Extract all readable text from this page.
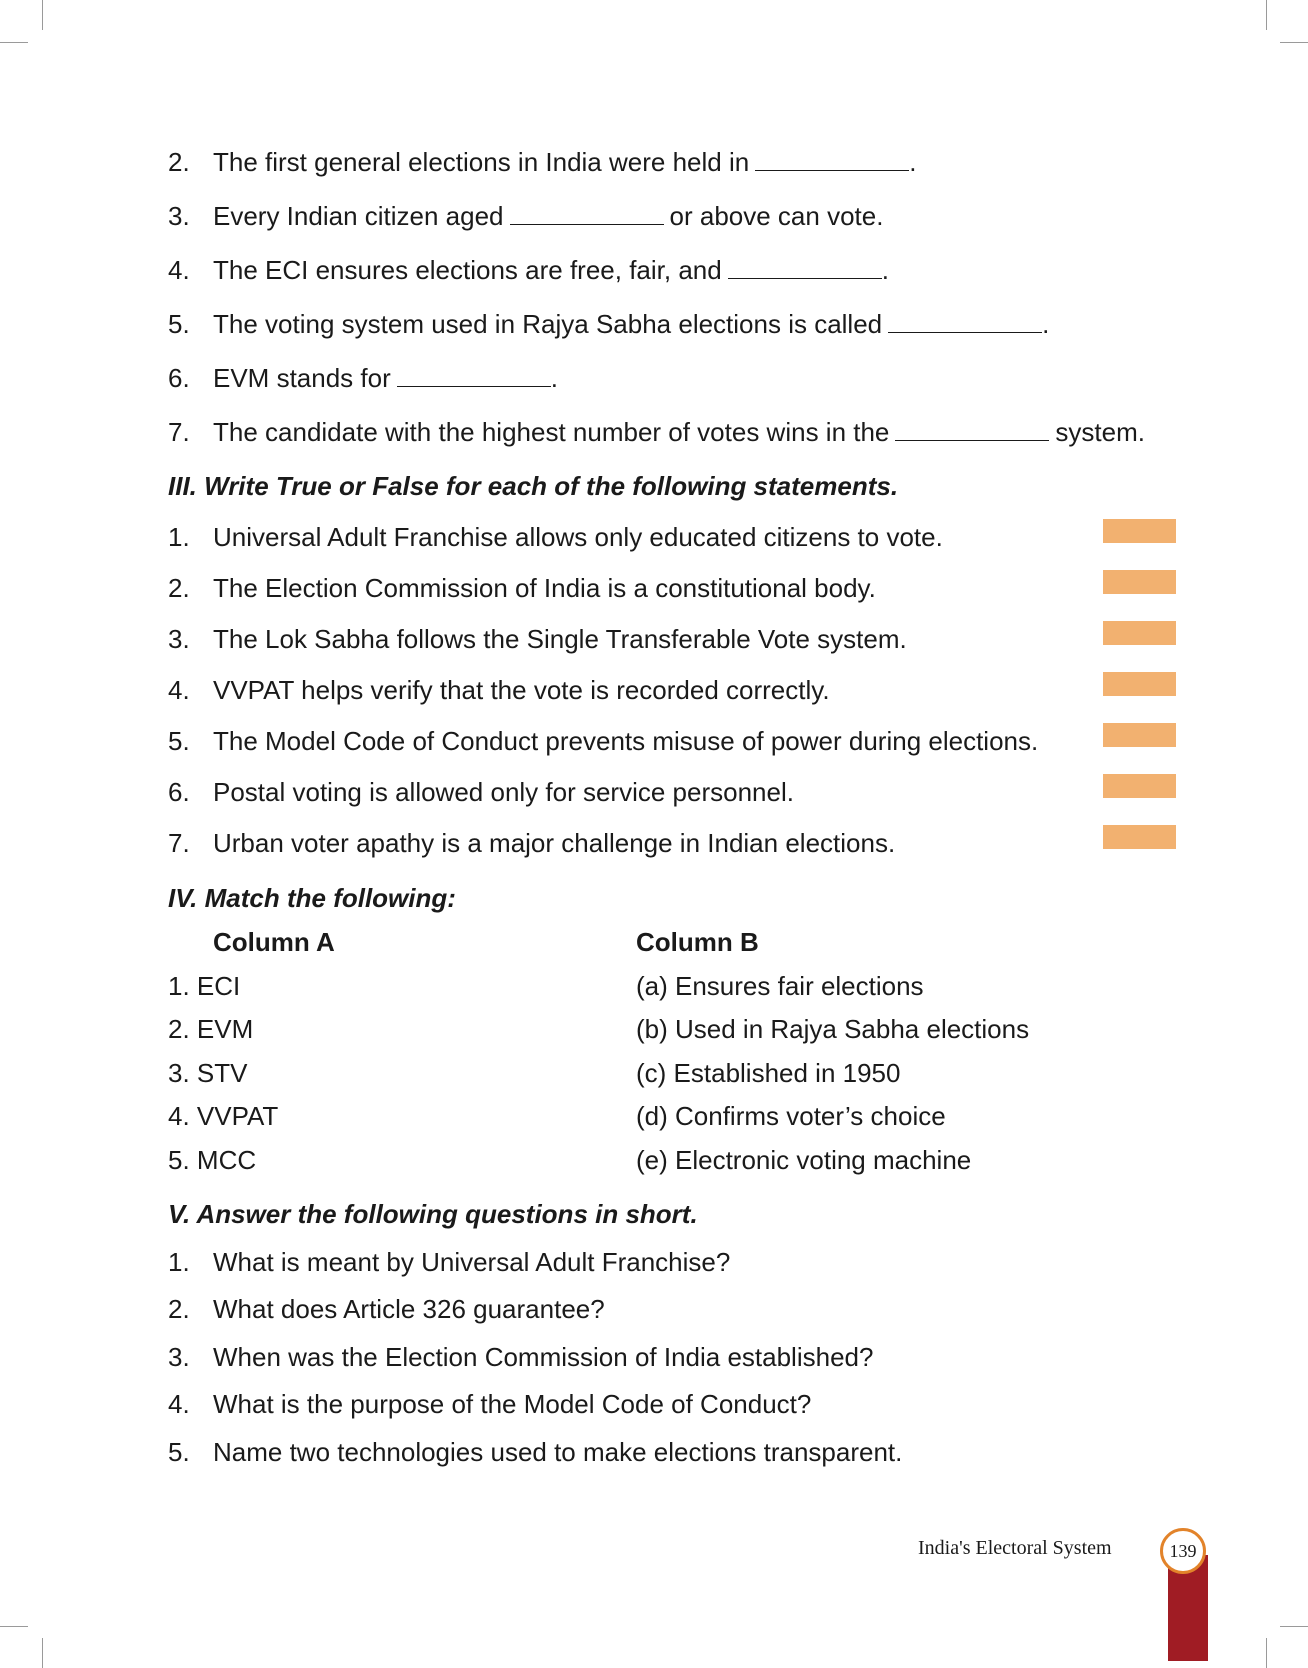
2. The first general elections in India were held in	.
3. Every Indian citizen aged	or above can vote.
4. The ECI ensures elections are free, fair, and	.
5. The voting system used in Rajya Sabha elections is called	.
6. EVM stands for	.
7. The candidate with the highest number of votes wins in the	system.
III. Write True or False for each of the following statements.
1. Universal Adult Franchise allows only educated citizens to vote.
2. The Election Commission of India is a constitutional body.
3. The Lok Sabha follows the Single Transferable Vote system.
4. VVPAT helps verify that the vote is recorded correctly.
5. The Model Code of Conduct prevents misuse of power during elections.
6. Postal voting is allowed only for service personnel.
7. Urban voter apathy is a major challenge in Indian elections.
IV. Match the following:
Column A	Column B
1. ECI	(a) Ensures fair elections
2. EVM	(b) Used in Rajya Sabha elections
3. STV	(c) Established in 1950
4. VVPAT	(d) Confirms voter’s choice
5. MCC	(e) Electronic voting machine
V. Answer the following questions in short.
1. What is meant by Universal Adult Franchise?
2. What does Article 326 guarantee?
3. When was the Election Commission of India established?
4. What is the purpose of the Model Code of Conduct?
5. Name two technologies used to make elections transparent.
India's Electoral System	139
